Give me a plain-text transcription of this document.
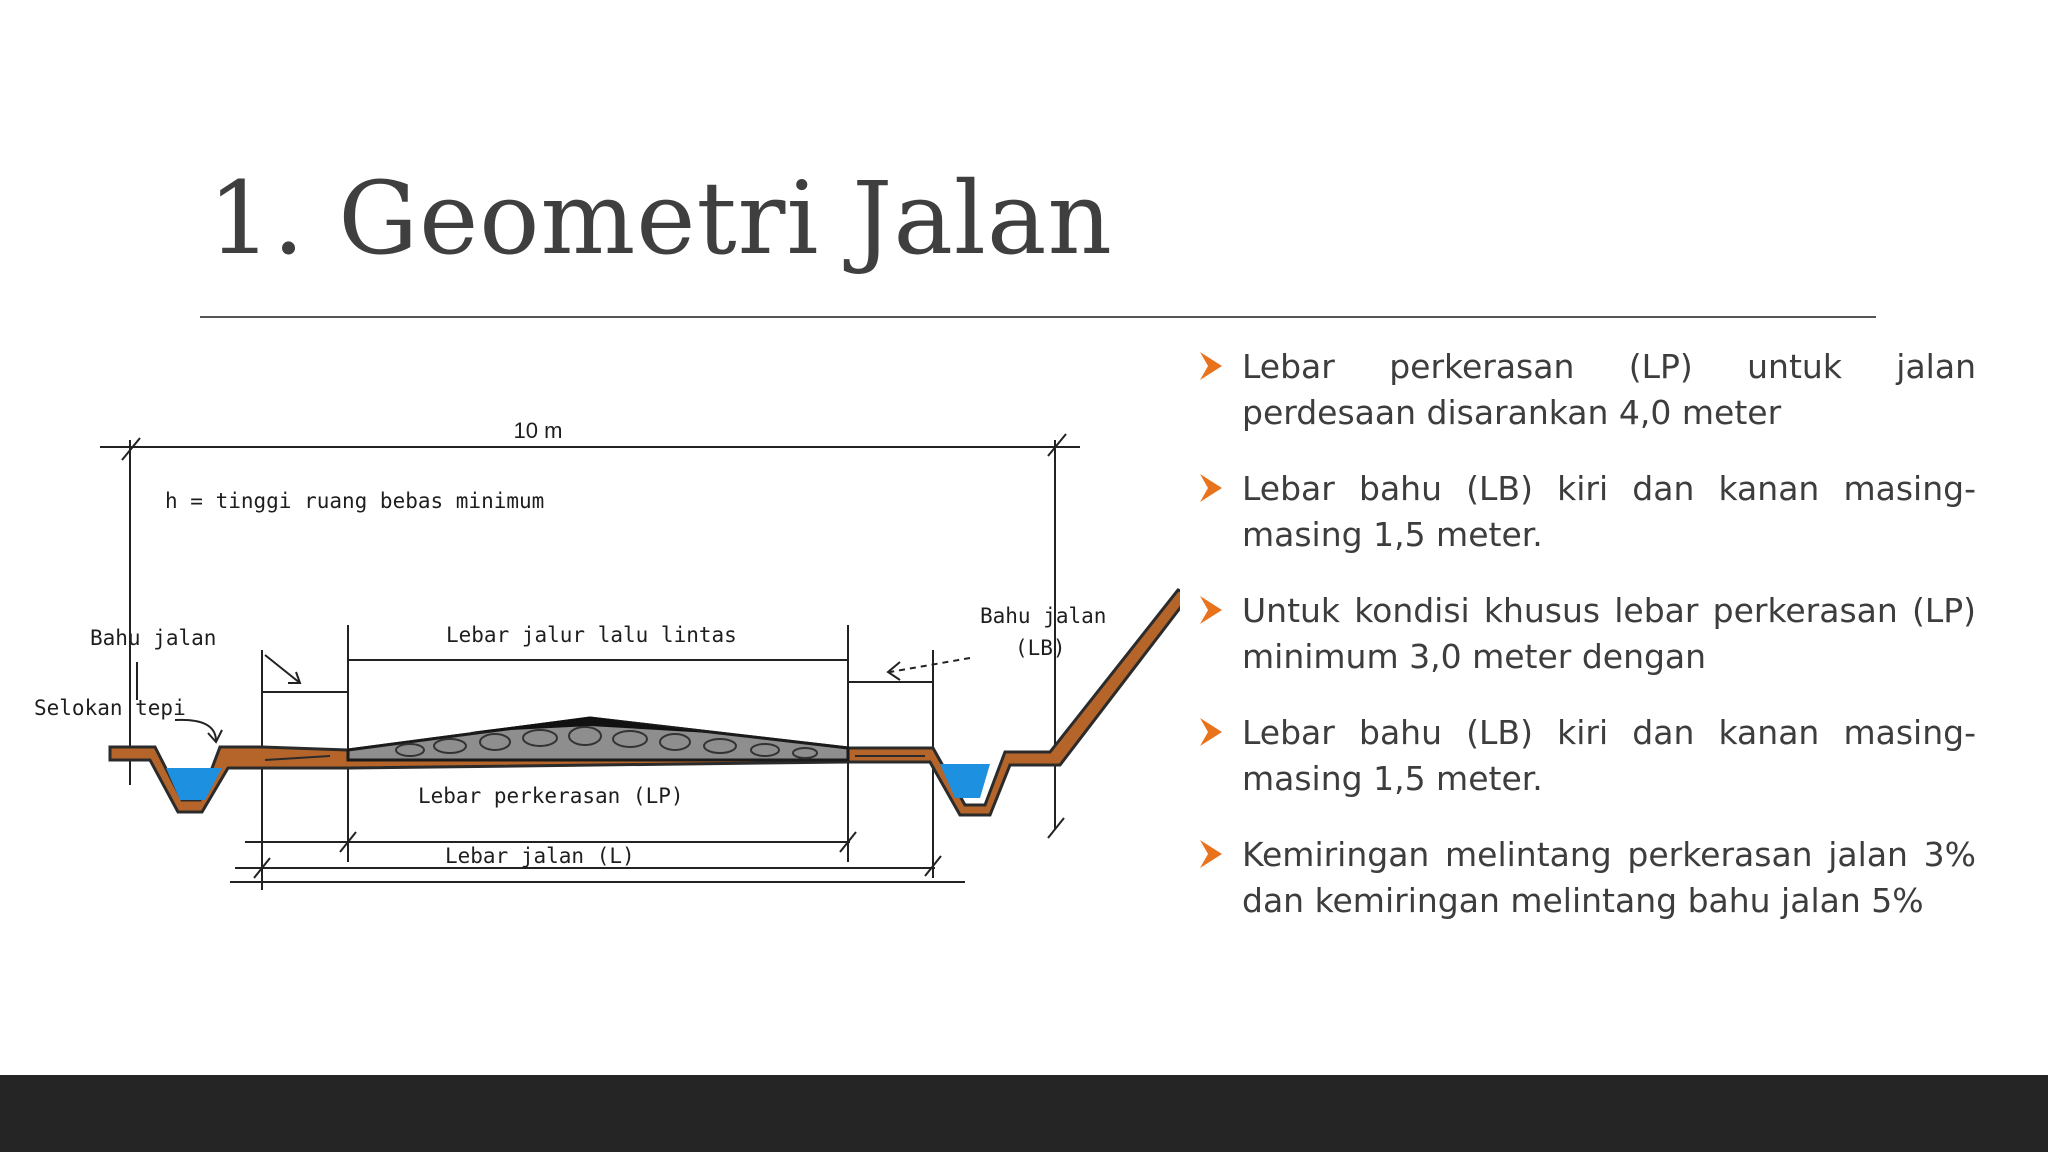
1. Geometri Jalan
10 m
h = tinggi ruang bebas minimum
Bahu jalan
Selokan tepi
Lebar jalur lalu lintas
Bahu jalan
(LB)
Lebar perkerasan (LP)
Lebar jalan (L)
Lebar perkerasan (LP) untuk jalan perdesaan disarankan 4,0 meter
Lebar bahu (LB) kiri dan kanan masing-masing 1,5 meter.
Untuk kondisi khusus lebar perkerasan (LP) minimum 3,0 meter dengan
Lebar bahu (LB) kiri dan kanan masing-masing 1,5 meter.
Kemiringan melintang perkerasan jalan 3% dan kemiringan melintang bahu jalan 5%
